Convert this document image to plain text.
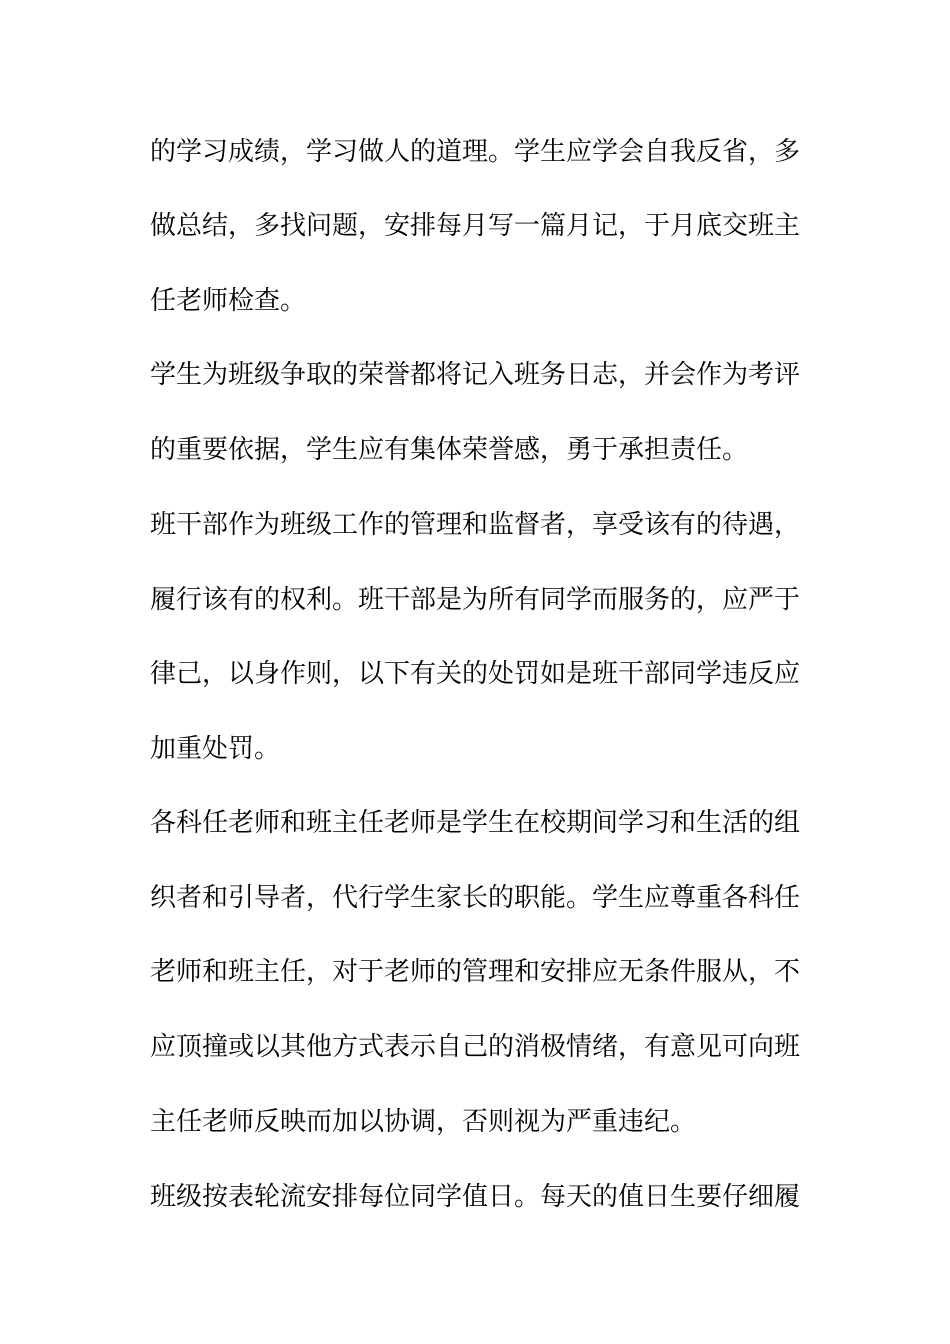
的学习成绩，学习做人的道理。学生应学会自我反省，多
做总结，多找问题，安排每月写一篇月记，于月底交班主
任老师检查。
学生为班级争取的荣誉都将记入班务日志，并会作为考评
的重要依据，学生应有集体荣誉感，勇于承担责任。
班干部作为班级工作的管理和监督者，享受该有的待遇，
履行该有的权利。班干部是为所有同学而服务的，应严于
律己，以身作则，以下有关的处罚如是班干部同学违反应
加重处罚。
各科任老师和班主任老师是学生在校期间学习和生活的组
织者和引导者，代行学生家长的职能。学生应尊重各科任
老师和班主任，对于老师的管理和安排应无条件服从，不
应顶撞或以其他方式表示自己的消极情绪，有意见可向班
主任老师反映而加以协调，否则视为严重违纪。
班级按表轮流安排每位同学值日。每天的值日生要仔细履
